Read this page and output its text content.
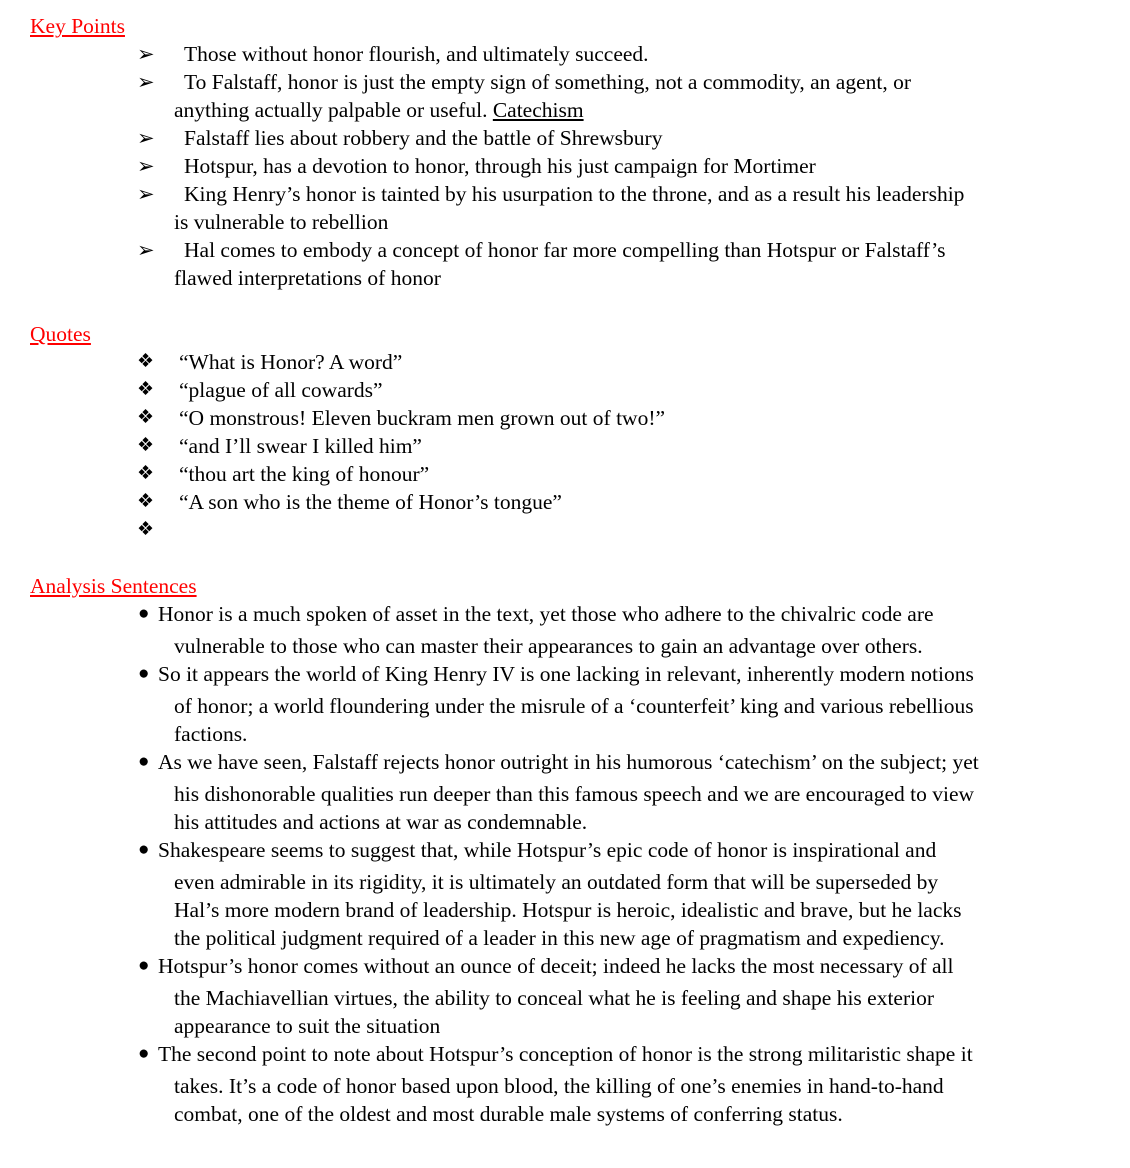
Key Points
➢	Those without honor flourish, and ultimately succeed.
➢	To Falstaff, honor is just the empty sign of something, not a commodity, an agent, or
anything actually palpable or useful. Catechism
➢	Falstaff lies about robbery and the battle of Shrewsbury
➢	Hotspur, has a devotion to honor, through his just campaign for Mortimer
➢	King Henry’s honor is tainted by his usurpation to the throne, and as a result his leadership
is vulnerable to rebellion
➢	Hal comes to embody a concept of honor far more compelling than Hotspur or Falstaff’s
flawed interpretations of honor
Quotes
❖	“What is Honor? A word”
❖	“plague of all cowards”
❖	“O monstrous! Eleven buckram men grown out of two!”
❖	“and I’ll swear I killed him”
❖	“thou art the king of honour”
❖	“A son who is the theme of Honor’s tongue”
❖
Analysis Sentences
● Honor is a much spoken of asset in the text, yet those who adhere to the chivalric code are
vulnerable to those who can master their appearances to gain an advantage over others.
● So it appears the world of King Henry IV is one lacking in relevant, inherently modern notions
of honor; a world floundering under the misrule of a ‘counterfeit’ king and various rebellious
factions.
● As we have seen, Falstaff rejects honor outright in his humorous ‘catechism’ on the subject; yet
his dishonorable qualities run deeper than this famous speech and we are encouraged to view
his attitudes and actions at war as condemnable.
● Shakespeare seems to suggest that, while Hotspur’s epic code of honor is inspirational and
even admirable in its rigidity, it is ultimately an outdated form that will be superseded by
Hal’s more modern brand of leadership. Hotspur is heroic, idealistic and brave, but he lacks
the political judgment required of a leader in this new age of pragmatism and expediency.
● Hotspur’s honor comes without an ounce of deceit; indeed he lacks the most necessary of all
the Machiavellian virtues, the ability to conceal what he is feeling and shape his exterior
appearance to suit the situation
● The second point to note about Hotspur’s conception of honor is the strong militaristic shape it
takes. It’s a code of honor based upon blood, the killing of one’s enemies in hand-to-hand
combat, one of the oldest and most durable male systems of conferring status.
